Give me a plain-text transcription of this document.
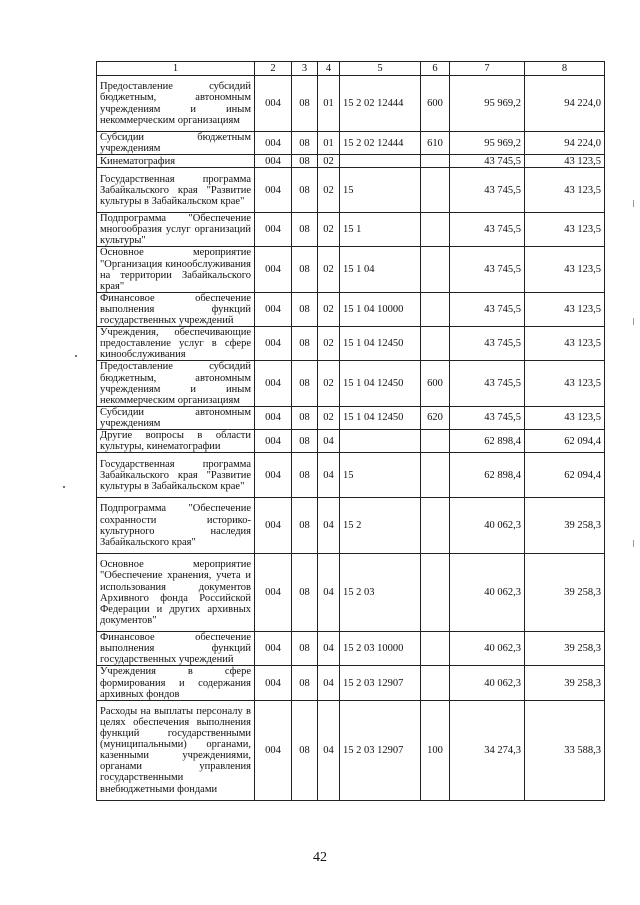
1	2	3	4	5	6	7	8
Предоставление субсидий бюджетным, автономным учреждениям и иным некоммерческим организациям	004	08	01	15 2 02 12444	600	95 969,2	94 224,0
Субсидии бюджетным учреждениям	004	08	01	15 2 02 12444	610	95 969,2	94 224,0
Кинематография	004	08	02			43 745,5	43 123,5
Государственная программа Забайкальского края "Развитие культуры в Забайкальском крае"	004	08	02	15		43 745,5	43 123,5
Подпрограмма "Обеспечение многообразия услуг организаций культуры"	004	08	02	15 1		43 745,5	43 123,5
Основное мероприятие "Организация кинообслуживания на территории Забайкальского края"	004	08	02	15 1 04		43 745,5	43 123,5
Финансовое обеспечение выполнения функций государственных учреждений	004	08	02	15 1 04 10000		43 745,5	43 123,5
Учреждения, обеспечивающие предоставление услуг в сфере кинообслуживания	004	08	02	15 1 04 12450		43 745,5	43 123,5
Предоставление субсидий бюджетным, автономным учреждениям и иным некоммерческим организациям	004	08	02	15 1 04 12450	600	43 745,5	43 123,5
Субсидии автономным учреждениям	004	08	02	15 1 04 12450	620	43 745,5	43 123,5
Другие вопросы в области культуры, кинематографии	004	08	04			62 898,4	62 094,4
Государственная программа Забайкальского края "Развитие культуры в Забайкальском крае"	004	08	04	15		62 898,4	62 094,4
Подпрограмма "Обеспечение сохранности историко-культурного наследия Забайкальского края"	004	08	04	15 2		40 062,3	39 258,3
Основное мероприятие "Обеспечение хранения, учета и использования документов Архивного фонда Российской Федерации и других архивных документов"	004	08	04	15 2 03		40 062,3	39 258,3
Финансовое обеспечение выполнения функций государственных учреждений	004	08	04	15 2 03 10000		40 062,3	39 258,3
Учреждения в сфере формирования и содержания архивных фондов	004	08	04	15 2 03 12907		40 062,3	39 258,3
Расходы на выплаты персоналу в целях обеспечения выполнения функций государственными (муниципальными) органами, казенными учреждениями, органами управления государственными внебюджетными фондами	004	08	04	15 2 03 12907	100	34 274,3	33 588,3
42
